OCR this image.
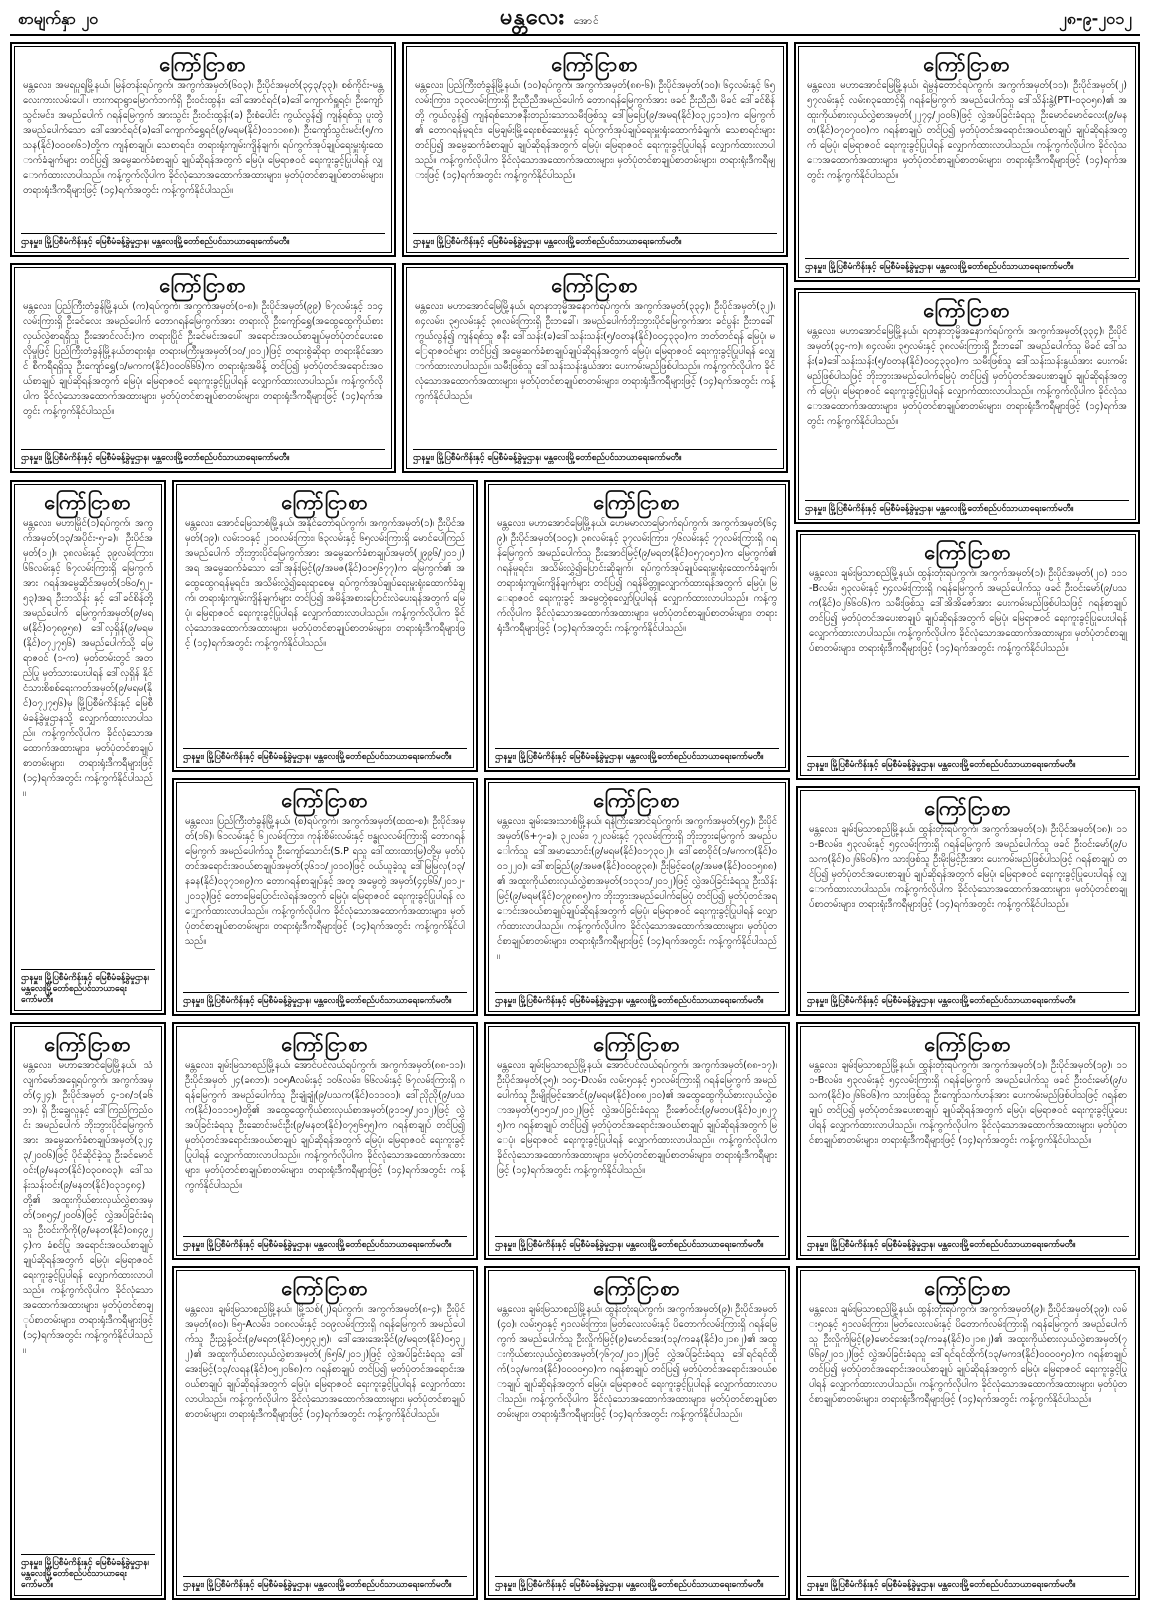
စာမျက်နှာ ၂၀	မန္တလေး အောင်	၂၈-၉-၂၀၁၂
ကြော်ငြာစာ
မန္တလေး၊ အမရပူရမြို့နယ်၊ မြန်တန်းရပ်ကွက်၊ အကွက်အမှတ်(၆၀၃)၊ ဦးပိုင်အမှတ်(၃၄၃/၃၃)၊ စစ်ကိုင်း-မန္တလေးကားလမ်းပေါ်၊ ဗားကရာရွာမြောက်ဘက်ရှိ ဦးဝင်းထွန်း၊ ဒေါ်အောင်ရင်(ခ)ဒေါ်ကျောက်ရှူရင့်၊ ဦးကျော်သွင်းမင်း၊ အမည်ပေါက် ဂရန်မြေကွက် အားသွင်း ဦးဝင်းထွန်း(ခ) ဦးစံပေါင်း ကွယ်လွန်၍ ကျန်ရစ်သူ ပူးတွဲအမည်ပေါက်သော ဒေါ်အောင်ရင်(ခ)ဒေါ်ကျောက်ရွှေရင်(၉/မရမ(နိုင်)၀၁၁၁၈၈)၊ ဦးကျော်သွင်းမင်း(၅/ကသန(နိုင်)၀၀၀၈၆၁)တို့က ကျန်စာချုပ်၊ သေစာရင်း၊ တရားရုံးကျမ်းကျိန်ချက်၊ ရပ်ကွက်အုပ်ချုပ်ရေးမှူးရုံးထောက်ခံချက်များ တင်ပြ၍ အမွေဆက်ခံစာချုပ် ချုပ်ဆိုရန်အတွက် မြေပုံ၊ မြေရာဇဝင် ရေးကူးခွင့်ပြုပါရန် လျှောက်ထားလာပါသည်။ ကန့်ကွက်လိုပါက ခိုင်လုံသောအထောက်အထားများ၊ မှတ်ပုံတင်စာချုပ်စာတမ်းများ၊ တရားရုံးဒီကရီများဖြင့် (၁၄)ရက်အတွင်း ကန့်ကွက်နိုင်ပါသည်။
ဌာနမှူး၊ မြို့ပြစီမံကိန်းနှင့် မြေစီမံခန့်ခွဲမှုဌာန၊ မန္တလေးမြို့တော်စည်ပင်သာယာရေးကော်မတီ။
ကြော်ငြာစာ
မန္တလေး၊ ပြည်ကြီးတံခွန်မြို့နယ်၊ (၁၀)ရပ်ကွက်၊ အကွက်အမှတ်(၈၈-၆)၊ ဦးပိုင်အမှတ်(၁၀)၊ ၆၄လမ်းနှင့် ၆၅လမ်းကြား၊ ၁၃၀လမ်းကြားရှိ ဦးညီညီအမည်ပေါက် တောဂရန်မြေကွက်အား ဖခင် ဦးညီညီ၊ မိခင် ဒေါ်ခင်စိန်တို့ ကွယ်လွန်၍ ကျန်ရစ်သောဇနီးတည်းသောသမီးဖြစ်သူ ဒေါ်မြပြေ(၉/အမရ(နိုင်)၀၃၂၄၁၁)က မြေကွက်၏ တောဂရန်မူရင်း၊ မြေချမ်းမြို့ရေးစစ်ဆေးမှုနှင့် ရပ်ကွက်အုပ်ချုပ်ရေးမှူးရုံးထောက်ခံချက်၊ သေစာရင်းများ တင်ပြ၍ အမွေဆက်ခံစာချုပ် ချုပ်ဆိုရန်အတွက် မြေပုံ၊ မြေရာဇဝင် ရေးကူးခွင့်ပြုပါရန် လျှောက်ထားလာပါသည်။ ကန့်ကွက်လိုပါက ခိုင်လုံသောအထောက်အထားများ၊ မှတ်ပုံတင်စာချုပ်စာတမ်းများ၊ တရားရုံးဒီကရီများဖြင့် (၁၄)ရက်အတွင်း ကန့်ကွက်နိုင်ပါသည်။
ဌာနမှူး၊ မြို့ပြစီမံကိန်းနှင့် မြေစီမံခန့်ခွဲမှုဌာန၊ မန္တလေးမြို့တော်စည်ပင်သာယာရေးကော်မတီ။
ကြော်ငြာစာ
မန္တလေး၊ မဟာအောင်မြေမြို့နယ်၊ ရဲမွန်တောင်ရပ်ကွက်၊ အကွက်အမှတ်(၁၁)၊ ဦးပိုင်အမှတ်(၂) ၅၇လမ်းနှင့် လမ်း၈၃ထောင့်ရှိ ဂရန်မြေကွက် အမည်ပေါက်သူ ဒေါ်သိန်းနွဲ့(PTI-၀၃၀၅၈)၏ အထူးကိုယ်စားလှယ်လွှဲစာအမှတ်(၂၂၇၄/၂၀၀၆)ဖြင့် လွှဲအပ်ခြင်းခံရသူ ဦးမောင်မောင်လေး(၉/မနတ(နိုင်)၀၇၀၇၀၀)က ဂရန်စာချုပ် တင်ပြ၍ မှတ်ပုံတင်အရောင်းအဝယ်စာချုပ် ချုပ်ဆိုရန်အတွက် မြေပုံ၊ မြေရာဇဝင် ရေးကူးခွင့်ပြုပါရန် လျှောက်ထားလာပါသည်။ ကန့်ကွက်လိုပါက ခိုင်လုံသောအထောက်အထားများ၊ မှတ်ပုံတင်စာချုပ်စာတမ်းများ၊ တရားရုံးဒီကရီများဖြင့် (၁၄)ရက်အတွင်း ကန့်ကွက်နိုင်ပါသည်။
ဌာနမှူး၊ မြို့ပြစီမံကိန်းနှင့် မြေစီမံခန့်ခွဲမှုဌာန၊ မန္တလေးမြို့တော်စည်ပင်သာယာရေးကော်မတီ။
ကြော်ငြာစာ
မန္တလေး၊ ပြည်ကြီးတံခွန်မြို့နယ်၊ (က)ရပ်ကွက်၊ အကွက်အမှတ်(၀-၈)၊ ဦးပိုင်အမှတ်(၉၉) ၆၇လမ်းနှင့် ၁၁၄လမ်းကြားရှိ ဦးခင်လေး အမည်ပေါက် တောဂရန်မြေကွက်အား တရားလို ဦးကျော်ရွှေ(အထွေထွေကိုယ်စားလှယ်လွှဲစာရရှိသူ ဦးအောင်လင်း)က တရားပြိုင် ဦးခင်မင်းအပေါ် အရောင်းအဝယ်စာချုပ်မှတ်ပုံတင်ပေးစေလိုမှုဖြင့် ပြည်ကြီးတံခွန်မြို့နယ်တရားရုံး၊ တရားမကြီးမှုအမှတ်(၁၀/၂၀၁၂)ဖြင့် တရားစွဲဆိုရာ တရားနိုင်အောင် စီကရီရရှိသူ ဦးကျော်ရွှေ(၁/မကက(နိုင်)၀၀၀၆၆၆)က တရားရုံးအမိန့် တင်ပြ၍ မှတ်ပုံတင်အရောင်းအဝယ်စာချုပ် ချုပ်ဆိုရန်အတွက် မြေပုံ၊ မြေရာဇဝင် ရေးကူးခွင့်ပြုပါရန် လျှောက်ထားလာပါသည်။ ကန့်ကွက်လိုပါက ခိုင်လုံသောအထောက်အထားများ၊ မှတ်ပုံတင်စာချုပ်စာတမ်းများ၊ တရားရုံးဒီကရီများဖြင့် (၁၄)ရက်အတွင်း ကန့်ကွက်နိုင်ပါသည်။
ဌာနမှူး၊ မြို့ပြစီမံကိန်းနှင့် မြေစီမံခန့်ခွဲမှုဌာန၊ မန္တလေးမြို့တော်စည်ပင်သာယာရေးကော်မတီ။
ကြော်ငြာစာ
မန္တလေး၊ မဟာအောင်မြေမြို့နယ်၊ ရတနာဘုမ္မိအနောက်ရပ်ကွက်၊ အကွက်အမှတ်(၃၃၄)၊ ဦးပိုင်အမှတ်(၃၂)၊ ၈၄လမ်း၊ ၃၅လမ်းနှင့် ၃၈လမ်းကြားရှိ ဦးဘခေါ်၊ အမည်ပေါက်ဘိုးဘွားပိုင်မြေကွက်အား ခင်ပွန်း ဦးဘခေါ် ကွယ်လွန်၍ ကျန်ရစ်သူ ဇနီး ဒေါ်သန်း(ခ)ဒေါ်သန်းသန်း(၅/ဝတန(နိုင်)၀၀၄၃၃၀)က ဘတ်တင်ရန် မြေပုံ၊ မြေရာဇဝင်များ တင်ပြ၍ အမွေဆက်ခံစာချုပ်ချုပ်ဆိုရန်အတွက် မြေပုံ၊ မြေရာဇဝင် ရေးကူးခွင့်ပြုပါရန် လျှောက်ထားလာပါသည်။ သမီးဖြစ်သူ ဒေါ်သန်းသန်းနွယ်အား ပေးကမ်းမည်ဖြစ်ပါသည်။ ကန့်ကွက်လိုပါက ခိုင်လုံသောအထောက်အထားများ၊ မှတ်ပုံတင်စာချုပ်စာတမ်းများ၊ တရားရုံးဒီကရီများဖြင့် (၁၄)ရက်အတွင်း ကန့်ကွက်နိုင်ပါသည်။
ဌာနမှူး၊ မြို့ပြစီမံကိန်းနှင့် မြေစီမံခန့်ခွဲမှုဌာန၊ မန္တလေးမြို့တော်စည်ပင်သာယာရေးကော်မတီ။
ကြော်ငြာစာ
မန္တလေး၊ မဟာအောင်မြေမြို့နယ်၊ ရတနာဘုမ္မိအနောက်ရပ်ကွက်၊ အကွက်အမှတ်(၃၃၄)၊ ဦးပိုင်အမှတ်(၃၄-က)၊ ၈၄လမ်း၊ ၃၅လမ်းနှင့် ၃၈လမ်းကြားရှိ ဦးဘခေါ် အမည်ပေါက်သူ မိခင် ဒေါ်သန်း(ခ)ဒေါ်သန်းသန်း(၅/ဝတန(နိုင်)၀၀၄၃၃၀)က သမီးဖြစ်သူ ဒေါ်သန်းသန်းနွယ်အား ပေးကမ်းမည်ဖြစ်ပါသဖြင့် ဘိုးဘွားအမည်ပေါက်မြေပုံ တင်ပြ၍ မှတ်ပုံတင်အပေးစာချုပ် ချုပ်ဆိုရန်အတွက် မြေပုံ၊ မြေရာဇဝင် ရေးကူးခွင့်ပြုပါရန် လျှောက်ထားလာပါသည်။ ကန့်ကွက်လိုပါက ခိုင်လုံသောအထောက်အထားများ၊ မှတ်ပုံတင်စာချုပ်စာတမ်းများ၊ တရားရုံးဒီကရီများဖြင့် (၁၄)ရက်အတွင်း ကန့်ကွက်နိုင်ပါသည်။
ဌာနမှူး၊ မြို့ပြစီမံကိန်းနှင့် မြေစီမံခန့်ခွဲမှုဌာန၊ မန္တလေးမြို့တော်စည်ပင်သာယာရေးကော်မတီ။
ကြော်ငြာစာ
မန္တလေး၊ မဟာမြိုင်(၁)ရပ်ကွက်၊ အကွက်အမှတ်(၁၃/အပိုင်း-၅-ခ)၊ ဦးပိုင်အမှတ်(၁၂)၊ ၃၈လမ်းနှင့် ၃၉လမ်းကြား၊ ၆၆လမ်းနှင့် ၆၇လမ်းကြားရှိ မြေကွက်အား ဂရန်အမွေဆိုင်အမှတ်(၁၆၀/၅၂-၅၃)အရ ဦးဘသိန်း နှင့် ဒေါ်ခင်စိန်တို့ အမည်ပေါက် မြေကွက်အမှတ်(၉/မရမ(နိုင်)၀၇၈၉၅၈) ဒေါ်လှရှိန်(၉/မရမ(နိုင်)၀၇၂၇၅၆) အမည်ပေါက်သို့ မြေရာဇဝင် (၁-က) မှတ်တမ်းတွင် အတည်ပြု မှတ်သားပေးပါရန် ဒေါ်လှရှိန် နိုင်ငံသားစိစစ်ရေးကတ်အမှတ်(၉/မရမ(နိုင်)၀၇၂၇၅၆)မှ မြို့ပြစီမံကိန်းနှင့် မြေစီမံခန့်ခွဲမှုဌာနသို့ လျှောက်ထားလာပါသည်။ ကန့်ကွက်လိုပါက ခိုင်လုံသောအထောက်အထားများ၊ မှတ်ပုံတင်စာချုပ်စာတမ်းများ၊ တရားရုံးဒီကရီများဖြင့် (၁၄)ရက်အတွင်း ကန့်ကွက်နိုင်ပါသည်။
ဌာနမှူး၊ မြို့ပြစီမံကိန်းနှင့် မြေစီမံခန့်ခွဲမှုဌာန၊ မန္တလေးမြို့တော်စည်ပင်သာယာရေးကော်မတီ။
ကြော်ငြာစာ
မန္တလေး၊ အောင်မြေသာစံမြို့နယ်၊ အနိုင်တော်ရပ်ကွက်၊ အကွက်အမှတ်(၁)၊ ဦးပိုင်အမှတ်(၁၉)၊ လမ်း၁၀နှင့် ၂၁၀လမ်းကြား၊ ၆၃လမ်းနှင့် ၆၅လမ်းကြားရှိ မောင်ပေါကြည် အမည်ပေါက် ဘိုးဘွားပိုင်မြေကွက်အား အမွေဆက်ခံစာချုပ်အမှတ်(၂၉၉၆/၂၀၁၂)အရ အမွေဆက်ခံသော ဒေါ်အုန်းမြင့်(၉/အမဇ(နိုင်)၀၁၅၆၇၇)က မြေကွက်၏ အထွေထွေဂရန်မူရင်း၊ အသိမ်းလွှဲ၍ရေးရာစေမှု ရပ်ကွက်အုပ်ချုပ်ရေးမှူးရုံးထောက်ခံချက်၊ တရားရုံးကျမ်းကျိန်ချက်များ တင်ပြ၍ အမိန့်အစားပြောင်းလဲပေးရန်အတွက် မြေပုံ၊ မြေရာဇဝင် ရေးကူးခွင့်ပြုပါရန် လျှောက်ထားလာပါသည်။ ကန့်ကွက်လိုပါက ခိုင်လုံသောအထောက်အထားများ၊ မှတ်ပုံတင်စာချုပ်စာတမ်းများ၊ တရားရုံးဒီကရီများဖြင့် (၁၄)ရက်အတွင်း ကန့်ကွက်နိုင်ပါသည်။
ဌာနမှူး၊ မြို့ပြစီမံကိန်းနှင့် မြေစီမံခန့်ခွဲမှုဌာန၊ မန္တလေးမြို့တော်စည်ပင်သာယာရေးကော်မတီ။
ကြော်ငြာစာ
မန္တလေး၊ မဟာအောင်မြေမြို့နယ်၊ ဟေမမာလာမြောက်ရပ်ကွက်၊ အကွက်အမှတ်(၆၄၉)၊ ဦးပိုင်အမှတ်(၁၀၄)၊ ၃၈လမ်းနှင့် ၃၇လမ်းကြား၊ ၇၆လမ်းနှင့် ၇၇လမ်းကြားရှိ ဂရန်မြေကွက် အမည်ပေါက်သူ ဦးအောင်မြင့်(၉/မရတ(နိုင်)၀၅၇၀၅၁)က မြေကွက်၏ ဂရန်မူရင်း၊ အသိမ်းလွှဲ၍ပြောင်းဆိုချက်၊ ရပ်ကွက်အုပ်ချုပ်ရေးမှူးရုံးထောက်ခံချက်၊ တရားရုံးကျမ်းကျိန်ချက်များ တင်ပြ၍ ဂရန်မိတ္တူလျှောက်ထားရန်အတွက် မြေပုံ၊ မြေရာဇဝင် ရေးကူးခွင့် အမွေတွဲစုလျှော်ပြုပါရန် လျှောက်ထားလာပါသည်။ ကန့်ကွက်လိုပါက ခိုင်လုံသောအထောက်အထားများ၊ မှတ်ပုံတင်စာချုပ်စာတမ်းများ၊ တရားရုံးဒီကရီများဖြင့် (၁၄)ရက်အတွင်း ကန့်ကွက်နိုင်ပါသည်။
ဌာနမှူး၊ မြို့ပြစီမံကိန်းနှင့် မြေစီမံခန့်ခွဲမှုဌာန၊ မန္တလေးမြို့တော်စည်ပင်သာယာရေးကော်မတီ။
ကြော်ငြာစာ
မန္တလေး၊ ချမ်းမြသာစည်မြို့နယ်၊ ထွန်းတုံးရပ်ကွက်၊ အကွက်အမှတ်(၁)၊ ဦးပိုင်အမှတ်(၂၀) ၁၁၁-Bလမ်း၊ ၅၃လမ်းနှင့် ၅၄လမ်းကြားရှိ ဂရန်မြေကွက် အမည်ပေါက်သူ ဖခင် ဦးဝင်းမော်(၉/ပသက(နိုင်)၀၂၆၆၀၆)က သမီးဖြစ်သူ ဒေါ်အိအိဇော်အား ပေးကမ်းမည်ဖြစ်ပါသဖြင့် ဂရန်စာချုပ် တင်ပြ၍ မှတ်ပုံတင်အပေးစာချုပ် ချုပ်ဆိုရန်အတွက် မြေပုံ၊ မြေရာဇဝင် ရေးကူးခွင့်ပြုပေးပါရန် လျှောက်ထားလာပါသည်။ ကန့်ကွက်လိုပါက ခိုင်လုံသောအထောက်အထားများ၊ မှတ်ပုံတင်စာချုပ်စာတမ်းများ၊ တရားရုံးဒီကရီများဖြင့် (၁၄)ရက်အတွင်း ကန့်ကွက်နိုင်ပါသည်။
ဌာနမှူး၊ မြို့ပြစီမံကိန်းနှင့် မြေစီမံခန့်ခွဲမှုဌာန၊ မန္တလေးမြို့တော်စည်ပင်သာယာရေးကော်မတီ။
ကြော်ငြာစာ
မန္တလေး၊ ပြည်ကြီးတံခွန်မြို့နယ်၊ (စ)ရပ်ကွက်၊ အကွက်အမှတ်(ထထ-စ)၊ ဦးပိုင်အမှတ်(၁၆)၊ ၆၁လမ်းနှင့် ၆၂လမ်းကြား၊ ကုန်းစိမ်းလမ်းနှင့် ဗန္ဓုလလမ်းကြားရှိ တောဂရန်မြေကွက် အမည်ပေါက်သူ ဦးကျော်သောင်း(S.P ရသူ ဒေါ်ထားထားမြ)တို့မှ မှတ်ပုံတင်အရောင်းအဝယ်စာချုပ်အမှတ်(၃၆၁၁/၂၀၁၀)ဖြင့် ဝယ်ယူခဲ့သူ ဒေါ်မြမြလှ(၁၃/နခန(နိုင်)၀၃၇၁၈၉)က တောဂရန်စာချုပ်နှင့် အတူ အမွေတွဲ အမှတ်(၄၄၆၆/၂၀၁၂-၂၀၁၃)ဖြင့် တောမြေပြောင်းလဲရန်အတွက် မြေပုံ၊ မြေရာဇဝင် ရေးကူးခွင့်ပြုပါရန် လျှောက်ထားလာပါသည်။ ကန့်ကွက်လိုပါက ခိုင်လုံသောအထောက်အထားများ၊ မှတ်ပုံတင်စာချုပ်စာတမ်းများ၊ တရားရုံးဒီကရီများဖြင့် (၁၄)ရက်အတွင်း ကန့်ကွက်နိုင်ပါသည်။
ဌာနမှူး၊ မြို့ပြစီမံကိန်းနှင့် မြေစီမံခန့်ခွဲမှုဌာန၊ မန္တလေးမြို့တော်စည်ပင်သာယာရေးကော်မတီ။
ကြော်ငြာစာ
မန္တလေး၊ ချမ်းအေးသာစံမြို့နယ်၊ ရန်ကြီးအောင်ရပ်ကွက်၊ အကွက်အမှတ်(၅၄)၊ ဦးပိုင်အမှတ်(၆+၇-ခ)၊ ၃၂လမ်း၊ ၇၂လမ်းနှင့် ၇၃လမ်းကြားရှိ ဘိုးဘွားမြေကွက် အမည်ပေါက်သူ ဒေါ်အမာသောင်း(၉/မရမ(နိုင်)၀၁၇၃၀၂)၊ ဒေါ်စောဝိုင်(၁/မကက(နိုင်)၀၀၁၂၂၀)၊ ဒေါ်စာခြည်(၉/အမဇ(နိုင်)၀၀၀၉၃၈)၊ ဦးမြင့်ဝေ(၉/အမဇ(နိုင်)၀၀၁၅၈၈)၏ အထူးကိုယ်စားလှယ်လွှဲစာအမှတ်(၁၁၃၁၁/၂၀၁၂)ဖြင့် လွှဲအပ်ခြင်းခံရသူ ဦးသိန်းမြင့်(၉/မရမ(နိုင်)၀၇၉၈၈၅)က ဘိုးဘွားအမည်ပေါက်မြေပုံ တင်ပြ၍ မှတ်ပုံတင်အရောင်းအဝယ်စာချုပ်ချုပ်ဆိုရန်အတွက် မြေပုံ၊ မြေရာဇဝင် ရေးကူးခွင့်ပြုပါရန် လျှောက်ထားလာပါသည်။ ကန့်ကွက်လိုပါက ခိုင်လုံသောအထောက်အထားများ၊ မှတ်ပုံတင်စာချုပ်စာတမ်းများ၊ တရားရုံးဒီကရီများဖြင့် (၁၄)ရက်အတွင်း ကန့်ကွက်နိုင်ပါသည်။
ဌာနမှူး၊ မြို့ပြစီမံကိန်းနှင့် မြေစီမံခန့်ခွဲမှုဌာန၊ မန္တလေးမြို့တော်စည်ပင်သာယာရေးကော်မတီ။
ကြော်ငြာစာ
မန္တလေး၊ ချမ်းမြသာစည်မြို့နယ်၊ ထွန်းတုံးရပ်ကွက်၊ အကွက်အမှတ်(၁)၊ ဦးပိုင်အမှတ်(၁၈)၊ ၁၁၁-Bလမ်း၊ ၅၃လမ်းနှင့် ၅၄လမ်းကြားရှိ ဂရန်မြေကွက် အမည်ပေါက်သူ ဖခင် ဦးဝင်းမော်(၉/ပသက(နိုင်)၀၂၆၆၀၆)က သားဖြစ်သူ ဦးမိုးမြင့်ဦးအား ပေးကမ်းမည်ဖြစ်ပါသဖြင့် ဂရန်စာချုပ် တင်ပြ၍ မှတ်ပုံတင်အပေးစာချုပ် ချုပ်ဆိုရန်အတွက် မြေပုံ၊ မြေရာဇဝင် ရေးကူးခွင့်ပြုပေးပါရန် လျှောက်ထားလာပါသည်။ ကန့်ကွက်လိုပါက ခိုင်လုံသောအထောက်အထားများ၊ မှတ်ပုံတင်စာချုပ်စာတမ်းများ၊ တရားရုံးဒီကရီများဖြင့် (၁၄)ရက်အတွင်း ကန့်ကွက်နိုင်ပါသည်။
ဌာနမှူး၊ မြို့ပြစီမံကိန်းနှင့် မြေစီမံခန့်ခွဲမှုဌာန၊ မန္တလေးမြို့တော်စည်ပင်သာယာရေးကော်မတီ။
ကြော်ငြာစာ
မန္တလေး၊ မဟာအောင်မြေမြို့နယ်၊ သံလျက်မော်အရှေ့ရပ်ကွက်၊ အကွက်အမှတ်(၄၂၄)၊ ဦးပိုင်အမှတ် ၄-၁၈/၁(ခ၆ဘ)၊ ရှိ ဦးချွေလူနှင့် ဒေါ်ကြည်ကြည်ဝင်း အမည်ပေါက် ဘိုးဘွားပိုင်မြေကွက်အား အမွေဆက်ခံစာချုပ်အမှတ်(၃၂၄၃/၂၀၀၆)ဖြင့် ပိုင်ဆိုင်ခဲ့သူ ဦးခင်မောင်ဝင်း(၉/မနတ(နိုင်)၀၃၀၈၀၃)၊ ဒေါ်သန်းသန်းဝင်း(၉/မနတ(နိုင်)၀၃၁၄၈၄)တို့၏ အထူးကိုယ်စားလှယ်လွှဲစာအမှတ်(၁၈၅၄/၂၀၀၆)ဖြင့် လွှဲအပ်ခြင်းခံရသူ ဦးဝင်းကိုကို(၉/မနတ(နိုင်)၀၈၄၉၂၄)က ခံစင်ပြု အရောင်းအဝယ်စာချုပ် ချုပ်ဆိုရန်အတွက် မြေပုံ၊ မြေရာဇဝင် ရေးကူးခွင့်ပြုပါရန် လျှောက်ထားလာပါသည်။ ကန့်ကွက်လိုပါက ခိုင်လုံသောအထောက်အထားများ၊ မှတ်ပုံတင်စာချုပ်စာတမ်းများ၊ တရားရုံးဒီကရီများဖြင့် (၁၄)ရက်အတွင်း ကန့်ကွက်နိုင်ပါသည်။
ဌာနမှူး၊ မြို့ပြစီမံကိန်းနှင့် မြေစီမံခန့်ခွဲမှုဌာန၊ မန္တလေးမြို့တော်စည်ပင်သာယာရေးကော်မတီ။
ကြော်ငြာစာ
မန္တလေး၊ ချမ်းမြသာစည်မြို့နယ်၊ အောင်ပင်လယ်ရပ်ကွက်၊ အကွက်အမှတ်(၈၈-၁၁)၊ ဦးပိုင်အမှတ် ၂၄(ခ၈ဘ)၊ ၁၀၅Aလမ်းနှင့် ၁၀၆လမ်း၊ ၆၆လမ်းနှင့် ၆၇လမ်းကြားရှိ ဂရန်မြေကွက် အမည်ပေါက်သူ ဦးချုံချုံ(၉/ပသက(နိုင်)၀၁၁၀၁)၊ ဒေါ်ညိုညို(၉/ပသက(နိုင်)၀၁၁၁၅)တို့၏ အထွေထွေကိုယ်စားလှယ်စာအမှတ်(၉၁၁၅/၂၀၁၂)ဖြင့် လွှဲအပ်ခြင်းခံရသူ ဦးဆောင်းမင်းဦး(၉/မနတ(နိုင်)၀၇၅၆၅၅)က ဂရန်စာချုပ် တင်ပြ၍ မှတ်ပုံတင်အရောင်းအဝယ်စာချုပ် ချုပ်ဆိုရန်အတွက် မြေပုံ၊ မြေရာဇဝင် ရေးကူးခွင့်ပြုပါရန် လျှောက်ထားလာပါသည်။ ကန့်ကွက်လိုပါက ခိုင်လုံသောအထောက်အထားများ၊ မှတ်ပုံတင်စာချုပ်စာတမ်းများ၊ တရားရုံးဒီကရီများဖြင့် (၁၄)ရက်အတွင်း ကန့်ကွက်နိုင်ပါသည်။
ဌာနမှူး၊ မြို့ပြစီမံကိန်းနှင့် မြေစီမံခန့်ခွဲမှုဌာန၊ မန္တလေးမြို့တော်စည်ပင်သာယာရေးကော်မတီ။
ကြော်ငြာစာ
မန္တလေး၊ ချမ်းမြသာစည်မြို့နယ်၊ အောင်ပင်လယ်ရပ်ကွက်၊ အကွက်အမှတ်(၈၈-၁၇)၊ ဦးပိုင်အမှတ်(၃၅)၊ ၁၀၄-Dလမ်း၊ လမ်း၅၀နှင့် ၅၁လမ်းကြားရှိ ဂရန်မြေကွက် အမည်ပေါက်သူ ဦးမျိုးမြင့်အောင်(၉/မရမ(နိုင်)၀၈၈၂၁၀)၏ အထွေထွေကိုယ်စားလှယ်လွှဲစာအမှတ်(၅၁၅၁/၂၀၁၂)ဖြင့် လွှဲအပ်ခြင်းခံရသူ ဦးဇော်ဝင်း(၉/မတပ(နိုင်)၀၂၈၂၇၅)က ဂရန်စာချုပ် တင်ပြ၍ မှတ်ပုံတင်အရောင်းအဝယ်စာချုပ် ချုပ်ဆိုရန်အတွက် မြေပုံ၊ မြေရာဇဝင် ရေးကူးခွင့်ပြုပါရန် လျှောက်ထားလာပါသည်။ ကန့်ကွက်လိုပါက ခိုင်လုံသောအထောက်အထားများ၊ မှတ်ပုံတင်စာချုပ်စာတမ်းများ၊ တရားရုံးဒီကရီများဖြင့် (၁၄)ရက်အတွင်း ကန့်ကွက်နိုင်ပါသည်။
ဌာနမှူး၊ မြို့ပြစီမံကိန်းနှင့် မြေစီမံခန့်ခွဲမှုဌာန၊ မန္တလေးမြို့တော်စည်ပင်သာယာရေးကော်မတီ။
ကြော်ငြာစာ
မန္တလေး၊ ချမ်းမြသာစည်မြို့နယ်၊ ထွန်းတုံးရပ်ကွက်၊ အကွက်အမှတ်(၁)၊ ဦးပိုင်အမှတ်(၁၉)၊ ၁၁၁-Bလမ်း၊ ၅၃လမ်းနှင့် ၅၄လမ်းကြားရှိ ဂရန်မြေကွက် အမည်ပေါက်သူ ဖခင် ဦးဝင်းမော်(၉/ပသက(နိုင်)၀၂၆၆၀၆)က သားဖြစ်သူ ဦးကျော်သက်ဟန်အား ပေးကမ်းမည်ဖြစ်ပါသဖြင့် ဂရန်စာချုပ် တင်ပြ၍ မှတ်ပုံတင်အပေးစာချုပ် ချုပ်ဆိုရန်အတွက် မြေပုံ၊ မြေရာဇဝင် ရေးကူးခွင့်ပြုပေးပါရန် လျှောက်ထားလာပါသည်။ ကန့်ကွက်လိုပါက ခိုင်လုံသောအထောက်အထားများ၊ မှတ်ပုံတင်စာချုပ်စာတမ်းများ၊ တရားရုံးဒီကရီများဖြင့် (၁၄)ရက်အတွင်း ကန့်ကွက်နိုင်ပါသည်။
ဌာနမှူး၊ မြို့ပြစီမံကိန်းနှင့် မြေစီမံခန့်ခွဲမှုဌာန၊ မန္တလေးမြို့တော်စည်ပင်သာယာရေးကော်မတီ။
ကြော်ငြာစာ
မန္တလေး၊ ချမ်းမြသာစည်မြို့နယ်၊ မြို့သစ်(၂)ရပ်ကွက်၊ အကွက်အမှတ်(၈-၄)၊ ဦးပိုင်အမှတ်(၈၀)၊ ၆၅-Aလမ်း၊ ၁၀၈လမ်းနှင့် ၁၀၉လမ်းကြားရှိ ဂရန်မြေကွက် အမည်ပေါက်သူ ဦးညွှန့်ဝင်း(၉/မရတ(နိုင်)၀၅၅၃၂၅)၊ ဒေါ်အေးအေးခိုင်(၉/မရတ(နိုင်)၀၅၃၂၂)၏ အထူးကိုယ်စားလှယ်လွှဲစာအမှတ်(၂၆၅၆/၂၀၁၂)ဖြင့် လွှဲအပ်ခြင်းခံရသူ ဒေါ်အေးမြင့်(၁၃/လရန(နိုင်)၀၅၂၀၆၈)က ဂရန်စာချုပ် တင်ပြ၍ မှတ်ပုံတင်အရောင်းအဝယ်စာချုပ် ချုပ်ဆိုရန်အတွက် မြေပုံ၊ မြေရာဇဝင် ရေးကူးခွင့်ပြုပါရန် လျှောက်ထားလာပါသည်။ ကန့်ကွက်လိုပါက ခိုင်လုံသောအထောက်အထားများ၊ မှတ်ပုံတင်စာချုပ်စာတမ်းများ၊ တရားရုံးဒီကရီများဖြင့် (၁၄)ရက်အတွင်း ကန့်ကွက်နိုင်ပါသည်။
ဌာနမှူး၊ မြို့ပြစီမံကိန်းနှင့် မြေစီမံခန့်ခွဲမှုဌာန၊ မန္တလေးမြို့တော်စည်ပင်သာယာရေးကော်မတီ။
ကြော်ငြာစာ
မန္တလေး၊ ချမ်းမြသာစည်မြို့နယ်၊ ထွန်းတုံးရပ်ကွက်၊ အကွက်အမှတ်(၉)၊ ဦးပိုင်အမှတ်(၄၀)၊ လမ်း၅၀နှင့် ၅၁လမ်းကြား၊ မြတ်လေးလမ်းနှင့် ပိတောက်လမ်းကြားရှိ ဂရန်မြေကွက် အမည်ပေါက်သူ ဦးလှိုက်မြင့်(၉)မောင်အေး(၁၃/ကခန(နိုင်)၀၂၁၈၂)၏ အထူးကိုယ်စားလှယ်လွှဲစာအမှတ်(၇၆၇၀/၂၀၁၂)ဖြင့် လွှဲအပ်ခြင်းခံရသူ ဒေါ်ရင်ရင်ထိုက်(၁၃/မကဒ(နိုင်)၀၀၀၀၅၀)က ဂရန်စာချုပ် တင်ပြ၍ မှတ်ပုံတင်အရောင်းအဝယ်စာချုပ် ချုပ်ဆိုရန်အတွက် မြေပုံ၊ မြေရာဇဝင် ရေးကူးခွင့်ပြုပါရန် လျှောက်ထားလာပါသည်။ ကန့်ကွက်လိုပါက ခိုင်လုံသောအထောက်အထားများ၊ မှတ်ပုံတင်စာချုပ်စာတမ်းများ၊ တရားရုံးဒီကရီများဖြင့် (၁၄)ရက်အတွင်း ကန့်ကွက်နိုင်ပါသည်။
ဌာနမှူး၊ မြို့ပြစီမံကိန်းနှင့် မြေစီမံခန့်ခွဲမှုဌာန၊ မန္တလေးမြို့တော်စည်ပင်သာယာရေးကော်မတီ။
ကြော်ငြာစာ
မန္တလေး၊ ချမ်းမြသာစည်မြို့နယ်၊ ထွန်းတုံးရပ်ကွက်၊ အကွက်အမှတ်(၉)၊ ဦးပိုင်အမှတ်(၃၉)၊ လမ်း၅၀နှင့် ၅၁လမ်းကြား၊ မြတ်လေးလမ်းနှင့် ပိတောက်လမ်းကြားရှိ ဂရန်မြေကွက် အမည်ပေါက်သူ ဦးလှိုက်မြင့်(၉)မောင်အေး(၁၃/ကခန(နိုင်)၀၂၁၈၂)၏ အထူးကိုယ်စားလှယ်လွှဲစာအမှတ်(၇၆၆၉/၂၀၁၂)ဖြင့် လွှဲအပ်ခြင်းခံရသူ ဒေါ်ရင်ရင်ထိုက်(၁၃/မကဒ(နိုင်)၀၀၀၀၅၀)က ဂရန်စာချုပ် တင်ပြ၍ မှတ်ပုံတင်အရောင်းအဝယ်စာချုပ် ချုပ်ဆိုရန်အတွက် မြေပုံ၊ မြေရာဇဝင် ရေးကူးခွင့်ပြုပါရန် လျှောက်ထားလာပါသည်။ ကန့်ကွက်လိုပါက ခိုင်လုံသောအထောက်အထားများ၊ မှတ်ပုံတင်စာချုပ်စာတမ်းများ၊ တရားရုံးဒီကရီများဖြင့် (၁၄)ရက်အတွင်း ကန့်ကွက်နိုင်ပါသည်။
ဌာနမှူး၊ မြို့ပြစီမံကိန်းနှင့် မြေစီမံခန့်ခွဲမှုဌာန၊ မန္တလေးမြို့တော်စည်ပင်သာယာရေးကော်မတီ။
